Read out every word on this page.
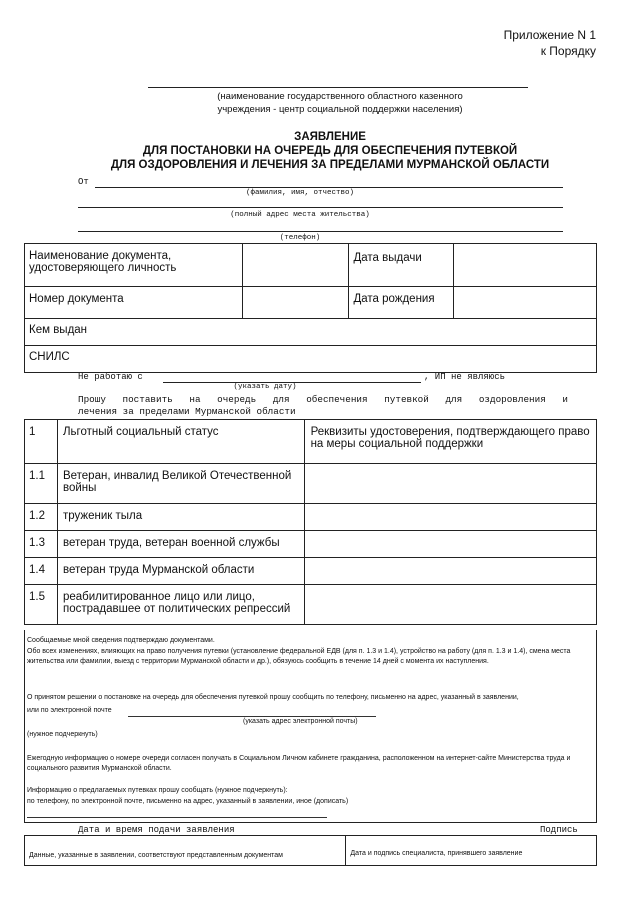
Приложение N 1
к Порядку
(наименование государственного областного казенного
учреждения - центр социальной поддержки населения)
ЗАЯВЛЕНИЕ
ДЛЯ ПОСТАНОВКИ НА ОЧЕРЕДЬ ДЛЯ ОБЕСПЕЧЕНИЯ ПУТЕВКОЙ
ДЛЯ ОЗДОРОВЛЕНИЯ И ЛЕЧЕНИЯ ЗА ПРЕДЕЛАМИ МУРМАНСКОЙ ОБЛАСТИ
От
(фамилия, имя, отчество)
(полный адрес места жительства)
(телефон)
Наименование документа, удостоверяющего личность		Дата выдачи	
Номер документа		Дата рождения	
Кем выдан			
СНИЛС			
Не работаю с	, ИП не являюсь
(указать дату)
Прошу поставить на очередь для обеспечения путевкой для оздоровления и
лечения за пределами Мурманской области
1	Льготный социальный статус	Реквизиты удостоверения, подтверждающего право на меры социальной поддержки
1.1	Ветеран, инвалид Великой Отечественной войны	
1.2	труженик тыла	
1.3	ветеран труда, ветеран военной службы	
1.4	ветеран труда Мурманской области	
1.5	реабилитированное лицо или лицо, пострадавшее от политических репрессий	
Сообщаемые мной сведения подтверждаю документами.
Обо всех изменениях, влияющих на право получения путевки (установление федеральной ЕДВ (для п. 1.3 и 1.4), устройство на работу (для п. 1.3 и 1.4), смена места жительства или фамилии, выезд с территории Мурманской области и др.), обязуюсь сообщить в течение 14 дней с момента их наступления.
О принятом решении о постановке на очередь для обеспечения путевкой прошу сообщить по телефону, письменно на адрес, указанный в заявлении,
или по электронной почте
(указать адрес электронной почты)
(нужное подчеркнуть)
Ежегодную информацию о номере очереди согласен получать в Социальном Личном кабинете гражданина, расположенном на интернет-сайте Министерства труда и социального развития Мурманской области.
Информацию о предлагаемых путевках прошу сообщать (нужное подчеркнуть):
по телефону, по электронной почте, письменно на адрес, указанный в заявлении, иное (дописать)
Дата и время подачи заявления	Подпись
Данные, указанные в заявлении, соответствуют представленным документам	Дата и подпись специалиста, принявшего заявление
